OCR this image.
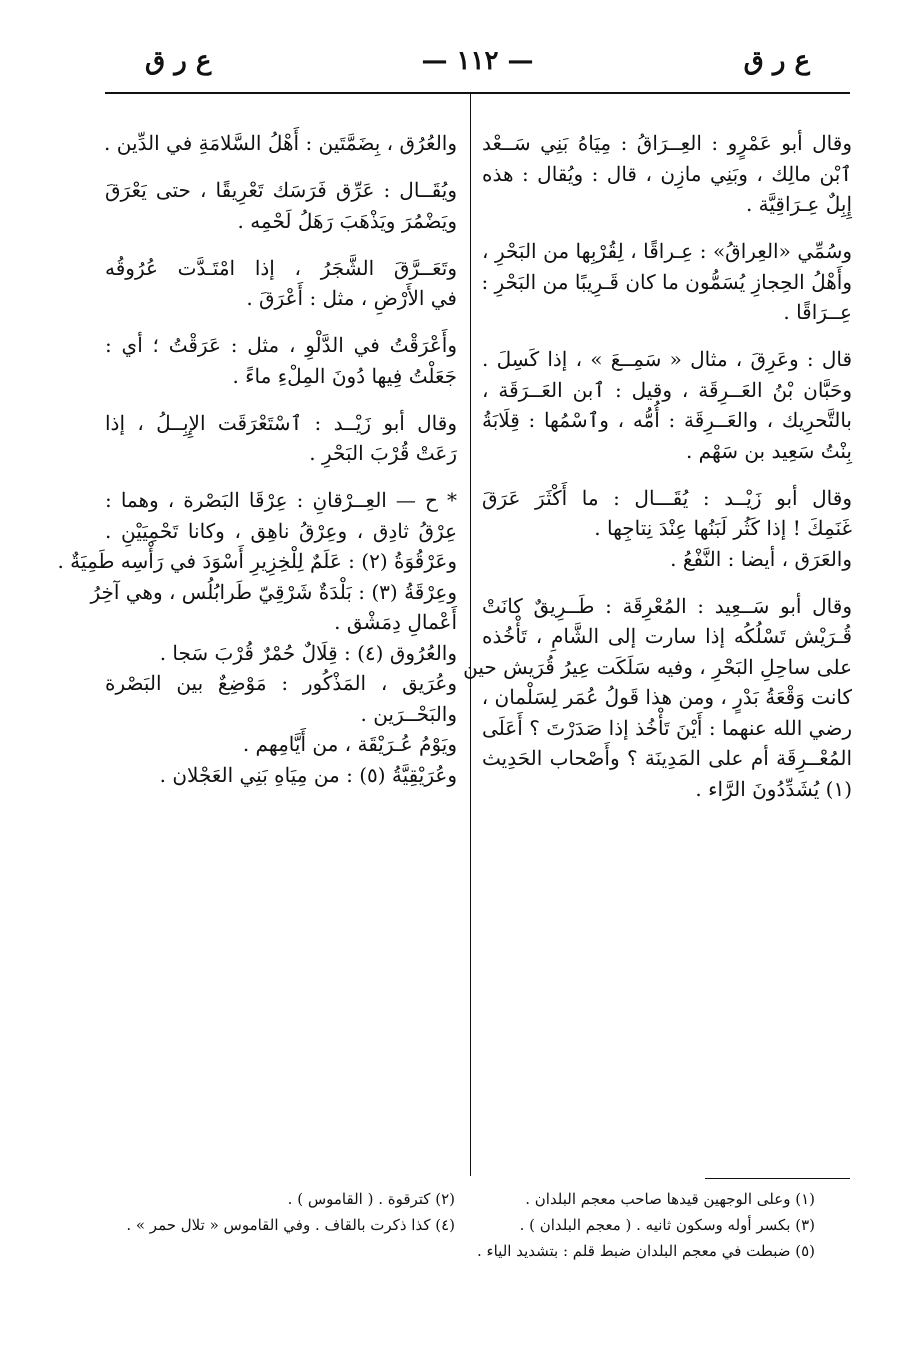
ع ر ق
— ١١٢ —
ع ر ق
وقال أبو عَمْرٍو : العِــرَاقُ : مِيَاهُ بَنِي سَــعْد
ٱبْن مالِك ، وبَنِي مازِن ، قال : ويُقال : هذه
إِبِلٌ عِـرَاقِيَّة .
وسُمِّي «العِراقُ» : عِـراقًا ، لِقُرْبِها من البَحْرِ ،
وأَهْلُ الحِجازِ يُسَمُّون ما كان قَـرِيبًا من البَحْرِ :
عِــرَاقًا .
قال : وعَرِقَ ، مثال « سَمِــعَ » ، إذا كَسِلَ .
وحَبَّان بْنُ العَــرِقَة ، وقيل : ٱبن العَــرَقَة ،
بالتَّحرِيك ، والعَــرِقَة : أُمُّه ، وٱسْمُها : قِلَابَةُ
بِنْتُ سَعِيد بن سَهْم .
وقال أبو زَيْــد : يُقَـــال : ما أَكْثَرَ عَرَقَ
غَنَمِكَ ! إذا كَثُر لَبَنُها عِنْدَ نِتاجِها .
والعَرَق ، أيضا : النَّفْعُ .
وقال أبو سَــعِيد : المُعْرِقَة : طَــرِيقٌ كانَتْ
قُـرَيْش تَسْلُكُه إذا سارت إلى الشَّامِ ، تَأْخُذه
على ساحِلِ البَحْرِ ، وفيه سَلَكَت عِيرُ قُرَيش حين
كانت وَقْعَةُ بَدْرٍ ، ومن هذا قَولُ عُمَر لِسَلْمان ،
رضي الله عنهما : أَيْنَ تَأْخُذ إذا صَدَرْتَ ؟ أَعَلَى
المُعْــرِقَة أم على المَدِينَة ؟ وأَصْحاب الحَدِيث
(١) يُشَدِّدُونَ الرَّاء .
والعُرُق ، بِضَمَّتَين : أَهْلُ السَّلامَةِ في الدِّين .
ويُقَــال : عَرِّق فَرَسَك تَعْرِيقًا ، حتى يَعْرَقَ
ويَضْمُرَ ويَذْهَبَ رَهَلُ لَحْمِه .
وتَعَــرَّقَ الشَّجَرُ ، إذا امْتَـدَّت عُرُوقُه
في الأَرْضِ ، مثل : أَعْرَقَ .
وأَعْرَقْتُ في الدَّلْوِ ، مثل : عَرَقْتُ ؛ أي :
جَعَلْتُ فِيها دُونَ المِلْءِ ماءً .
وقال أبو زَيْــد : ٱسْتَعْرَقَت الإِبِــلُ ، إذا
رَعَتْ قُرْبَ البَحْرِ .
* ح — العِــرْقانِ : عِرْقَا البَصْرة ، وهما :
عِرْقُ ثادِق ، وعِرْقُ ناهِق ، وكانا تَحْمِيَيْنِ .
وعَرْقُوَةُ (٢) : عَلَمٌ لِلْخِزِيرِ أَسْوَدَ في رَأْسِه طَمِيَةٌ .
وعِرْقَةُ (٣) : بَلْدَةٌ شَرْقِيّ طَرابُلُس ، وهي آخِرُ
أَعْمالِ دِمَشْق .
والعُرُوق (٤) : قِلَالٌ حُمْرٌ قُرْبَ سَجا .
وعُرَيق ، المَذْكُور : مَوْضِعٌ بين البَصْرة
والبَحْــرَين .
ويَوْمُ عُـرَيْقَة ، من أَيَّامِهم .
وعُرَيْقِيَّةُ (٥) : من مِيَاهِ بَنِي العَجْلان .
(١) وعلى الوجهين قيدها صاحب معجم البلدان .
(٣) بكسر أوله وسكون ثانيه . ( معجم البلدان ) .
(٥) ضبطت في معجم البلدان ضبط قلم : بتشديد الياء .
(٢) كترقوة . ( القاموس ) .
(٤) كذا ذكرت بالقاف . وفي القاموس « تلال حمر » .
